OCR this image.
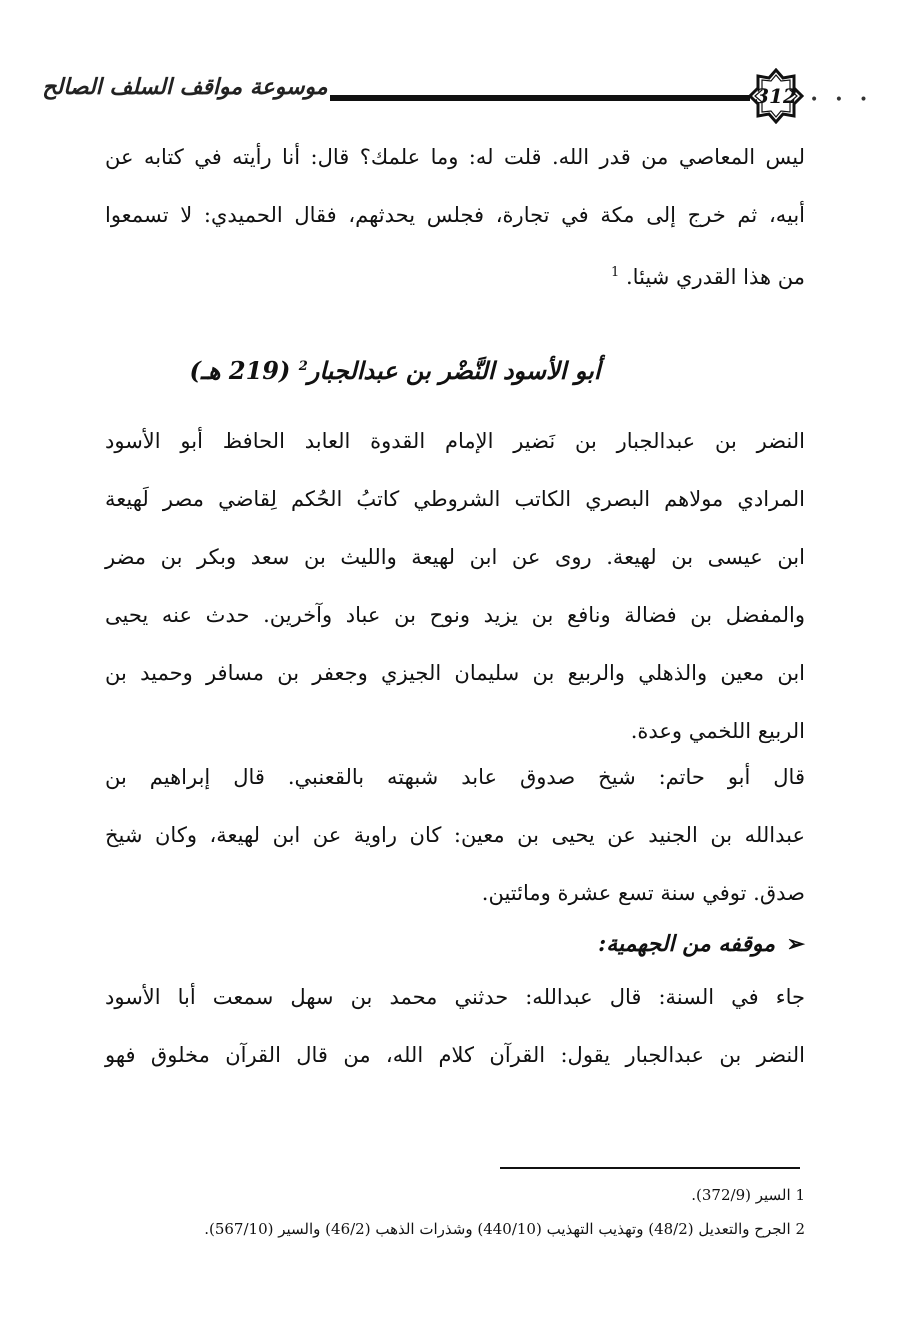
موسوعة مواقف السلف الصالح	312 • • •
ليس المعاصي من قدر الله. قلت له: وما علمك؟ قال: أنا رأيته في كتابه عن
أبيه، ثم خرج إلى مكة في تجارة، فجلس يحدثهم، فقال الحميدي: لا تسمعوا
من هذا القدري شيئا. $^1$
أبو الأسود النَّضْر بن عبدالجبار$^2$ (219 هـ)
النضر بن عبدالجبار بن نَضير الإمام القدوة العابد الحافظ أبو الأسود
المرادي مولاهم البصري الكاتب الشروطي كاتبُ الحُكم لِقاضي مصر لَهيعة
ابن عيسى بن لهيعة. روى عن ابن لهيعة والليث بن سعد وبكر بن مضر
والمفضل بن فضالة ونافع بن يزيد ونوح بن عباد وآخرين. حدث عنه يحيى
ابن معين والذهلي والربيع بن سليمان الجيزي وجعفر بن مسافر وحميد بن
الربيع اللخمي وعدة.
قال أبو حاتم: شيخ صدوق عابد شبهته بالقعنبي. قال إبراهيم بن
عبدالله بن الجنيد عن يحيى بن معين: كان راوية عن ابن لهيعة، وكان شيخ
صدق. توفي سنة تسع عشرة ومائتين.
➢موقفه من الجهمية:
جاء في السنة: قال عبدالله: حدثني محمد بن سهل سمعت أبا الأسود
النضر بن عبدالجبار يقول: القرآن كلام الله، من قال القرآن مخلوق فهو
1 السير (372/9).
2 الجرح والتعديل (48/2) وتهذيب التهذيب (440/10) وشذرات الذهب (46/2) والسير (567/10).
